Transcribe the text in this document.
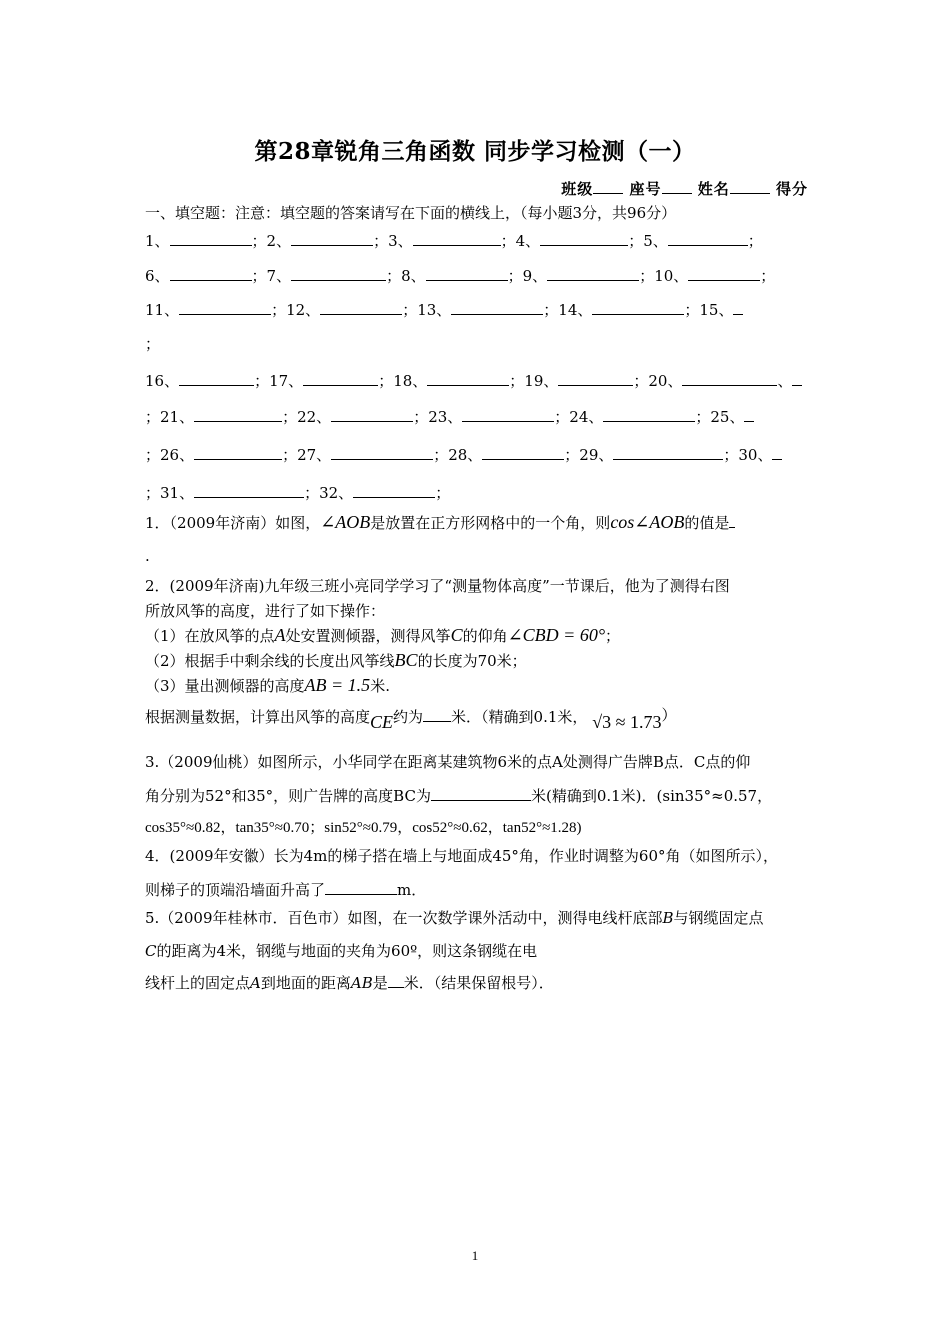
第28章锐角三角函数 同步学习检测（一）
班级 座号 姓名	得分
一、填空题：注意：填空题的答案请写在下面的横线上，（每小题3分，共96分）
1、	；2、	；3、	；4、	；5、	；
6、	；7、	；8、	；9、	；10、	；
11、	；12、	；13、	；14、	；15、
；
16、	；17、	；18、	；19、	；20、	、
；21、	；22、	；23、	；24、	；25、
；26、	；27、	；28、	；29、	；30、
；31、	；32、	；
1．（2009年济南）如图，∠AOB是放置在正方形网格中的一个角，则cos∠AOB的值是
.
2．(2009年济南)九年级三班小亮同学学习了“测量物体高度”一节课后，他为了测得右图
所放风筝的高度，进行了如下操作：
（1）在放风筝的点A处安置测倾器，测得风筝C的仰角∠CBD = 60°；
（2）根据手中剩余线的长度出风筝线BC的长度为70米；
（3）量出测倾器的高度AB = 1.5米.
根据测量数据，计算出风筝的高度CE约为 米．（精确到0.1米， √3 ≈ 1.73）
3.（2009仙桃）如图所示，小华同学在距离某建筑物6米的点A处测得广告牌B点．C点的仰
角分别为52°和35°，则广告牌的高度BC为	米(精确到0.1米)．(sin35°≈0.57，
cos35°≈0.82，tan35°≈0.70；sin52°≈0.79，cos52°≈0.62，tan52°≈1.28)
4．(2009年安徽）长为4m的梯子搭在墙上与地面成45°角，作业时调整为60°角（如图所示），
则梯子的顶端沿墙面升高了	m．
5.（2009年桂林市．百色市）如图，在一次数学课外活动中，测得电线杆底部B与钢缆固定点
C的距离为4米，钢缆与地面的夹角为60º，则这条钢缆在电
线杆上的固定点A到地面的距离AB是 米．（结果保留根号）．
1
